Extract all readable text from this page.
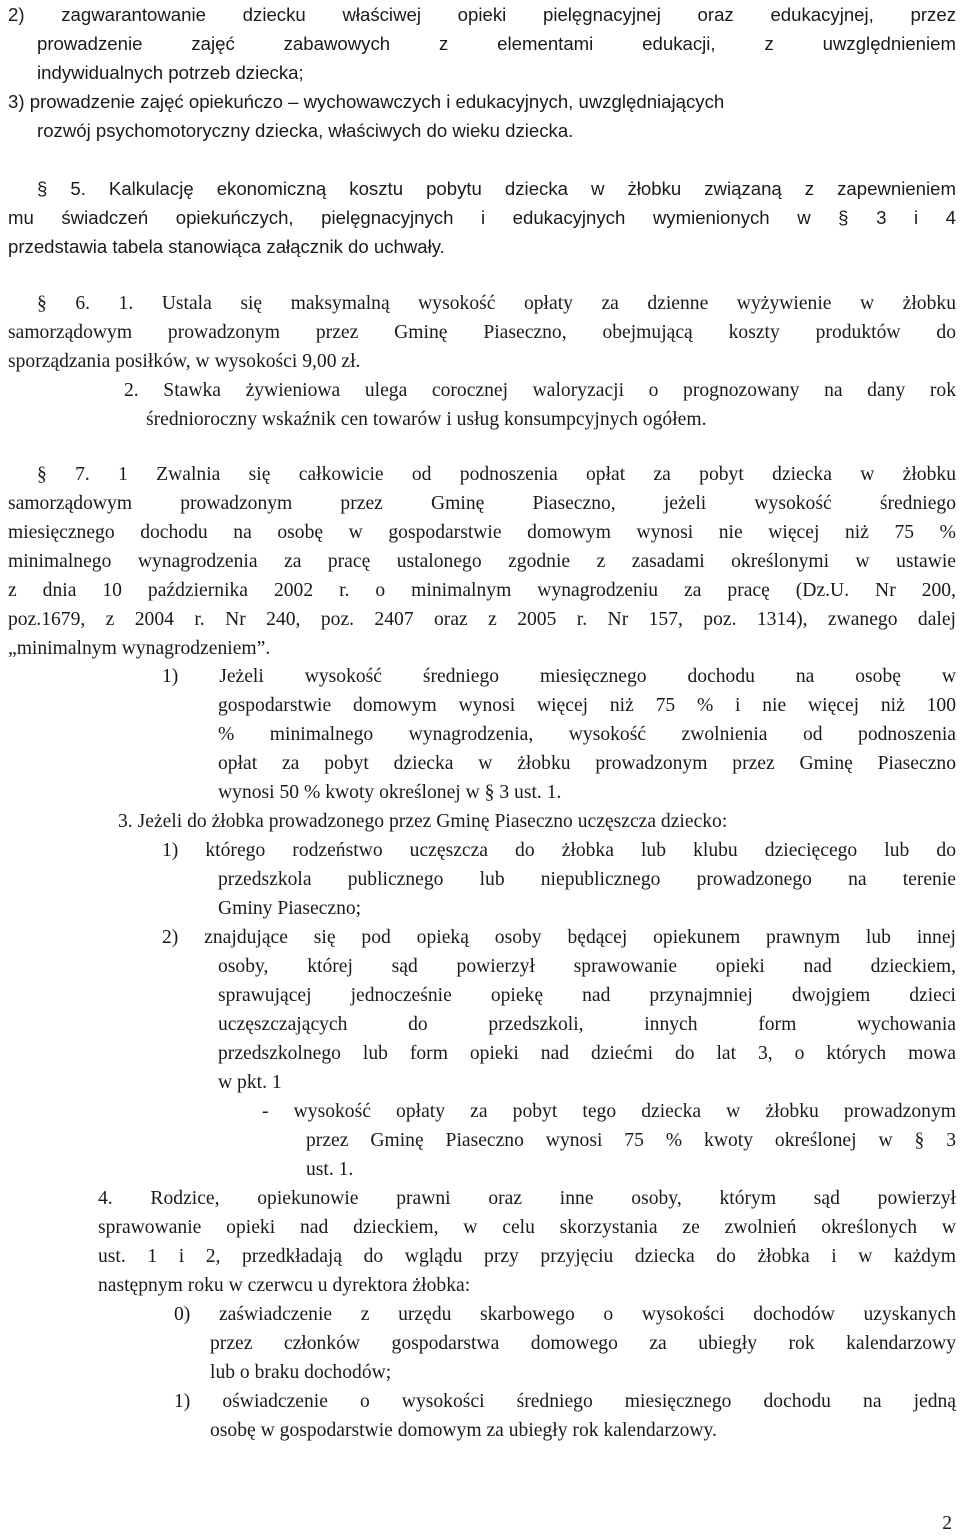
2) zagwarantowanie dziecku właściwej opieki pielęgnacyjnej oraz edukacyjnej, przez
prowadzenie zajęć zabawowych z elementami edukacji, z uwzględnieniem
indywidualnych potrzeb dziecka;
3) prowadzenie zajęć opiekuńczo – wychowawczych i edukacyjnych, uwzględniających
rozwój psychomotoryczny dziecka, właściwych do wieku dziecka.
§ 5. Kalkulację ekonomiczną kosztu pobytu dziecka w żłobku związaną z zapewnieniem
mu świadczeń opiekuńczych, pielęgnacyjnych i edukacyjnych wymienionych w § 3 i 4
przedstawia tabela stanowiąca załącznik do uchwały.
§ 6. 1. Ustala się maksymalną wysokość opłaty za dzienne wyżywienie w żłobku
samorządowym prowadzonym przez Gminę Piaseczno, obejmującą koszty produktów do
sporządzania posiłków, w wysokości 9,00 zł.
2. Stawka żywieniowa ulega corocznej waloryzacji o prognozowany na dany rok
średnioroczny wskaźnik cen towarów i usług konsumpcyjnych ogółem.
§ 7. 1 Zwalnia się całkowicie od podnoszenia opłat za pobyt dziecka w żłobku
samorządowym prowadzonym przez Gminę Piaseczno, jeżeli wysokość średniego
miesięcznego dochodu na osobę w gospodarstwie domowym wynosi nie więcej niż 75 %
minimalnego wynagrodzenia za pracę ustalonego zgodnie z zasadami określonymi w ustawie
z dnia 10 października 2002 r. o minimalnym wynagrodzeniu za pracę (Dz.U. Nr 200,
poz.1679, z 2004 r. Nr 240, poz. 2407 oraz z 2005 r. Nr 157, poz. 1314), zwanego dalej
„minimalnym wynagrodzeniem”.
1) Jeżeli wysokość średniego miesięcznego dochodu na osobę w
gospodarstwie domowym wynosi więcej niż 75 % i nie więcej niż 100
% minimalnego wynagrodzenia, wysokość zwolnienia od podnoszenia
opłat za pobyt dziecka w żłobku prowadzonym przez Gminę Piaseczno
wynosi 50 % kwoty określonej w § 3 ust. 1.
3. Jeżeli do żłobka prowadzonego przez Gminę Piaseczno uczęszcza dziecko:
1) którego rodzeństwo uczęszcza do żłobka lub klubu dziecięcego lub do
przedszkola publicznego lub niepublicznego prowadzonego na terenie
Gminy Piaseczno;
2) znajdujące się pod opieką osoby będącej opiekunem prawnym lub innej
osoby, której sąd powierzył sprawowanie opieki nad dzieckiem,
sprawującej jednocześnie opiekę nad przynajmniej dwojgiem dzieci
uczęszczających do przedszkoli, innych form wychowania
przedszkolnego lub form opieki nad dziećmi do lat 3, o których mowa
w pkt. 1
- wysokość opłaty za pobyt tego dziecka w żłobku prowadzonym
przez Gminę Piaseczno wynosi 75 % kwoty określonej w § 3
ust. 1.
4. Rodzice, opiekunowie prawni oraz inne osoby, którym sąd powierzył
sprawowanie opieki nad dzieckiem, w celu skorzystania ze zwolnień określonych w
ust. 1 i 2, przedkładają do wglądu przy przyjęciu dziecka do żłobka i w każdym
następnym roku w czerwcu u dyrektora żłobka:
0) zaświadczenie z urzędu skarbowego o wysokości dochodów uzyskanych
przez członków gospodarstwa domowego za ubiegły rok kalendarzowy
lub o braku dochodów;
1) oświadczenie o wysokości średniego miesięcznego dochodu na jedną
osobę w gospodarstwie domowym za ubiegły rok kalendarzowy.
2
